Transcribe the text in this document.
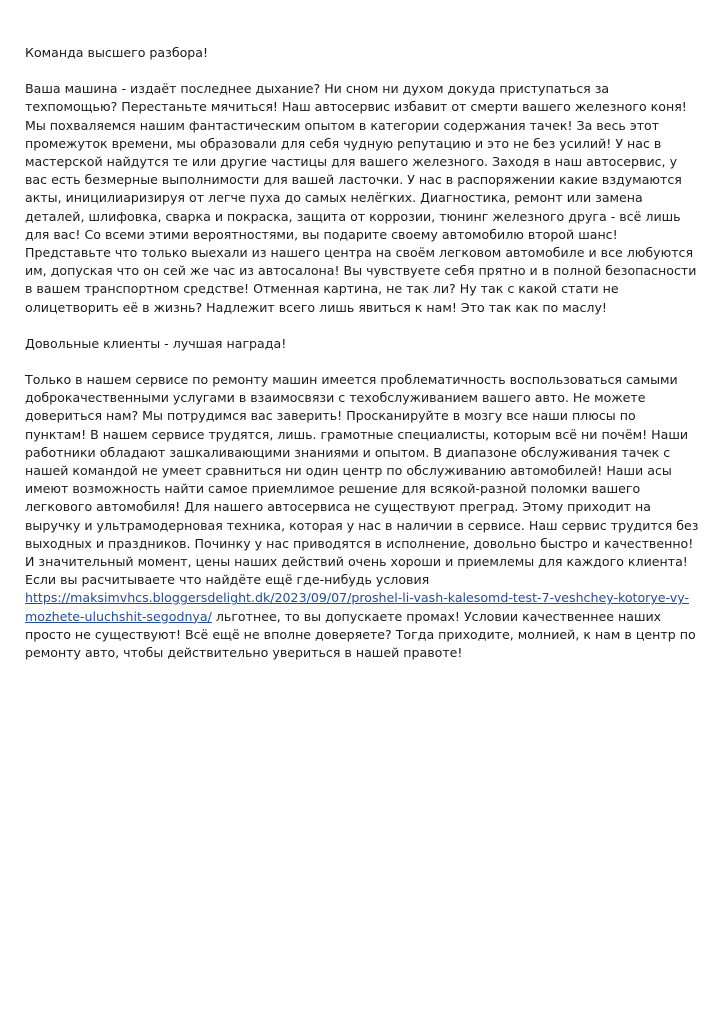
Команда высшего разбора!

Ваша машина - издаёт последнее дыхание? Ни сном ни духом докуда приступаться за техпомощью? Перестаньте мячиться! Наш автосервис избавит от смерти вашего железного коня! Мы похваляемся нашим фантастическим опытом в категории содержания тачек! За весь этот промежуток времени, мы образовали для себя чудную репутацию и это не без усилий! У нас в мастерской найдутся те или другие частицы для вашего железного. Заходя в наш автосервис, у вас есть безмерные выполнимости для вашей ласточки. У нас в распоряжении какие вздумаются акты, иницилиаризируя от легче пуха до самых нелёгких. Диагностика, ремонт или замена деталей, шлифовка, сварка и покраска, защита от коррозии, тюнинг железного друга - всё лишь для вас! Со всеми этими вероятностями, вы подарите своему автомобилю второй шанс! Представьте что только выехали из нашего центра на своём легковом автомобиле и все любуются им, допуская что он сей же час из автосалона! Вы чувствуете себя прятно и в полной безопасности в вашем транспортном средстве! Отменная картина, не так ли? Ну так с какой стати не олицетворить её в жизнь? Надлежит всего лишь явиться к нам! Это так как по маслу!

Довольные клиенты - лучшая награда!

Только в нашем сервисе по ремонту машин имеется проблематичность воспользоваться самыми доброкачественными услугами в взаимосвязи с техобслуживанием вашего авто. Не можете довериться нам? Мы потрудимся вас заверить! Просканируйте в мозгу все наши плюсы по пунктам! В нашем сервисе трудятся, лишь. грамотные специалисты, которым всё ни почём! Наши работники обладают зашкаливающими знаниями и опытом. В диапазоне обслуживания тачек с нашей командой не умеет сравниться ни один центр по обслуживанию автомобилей! Наши асы имеют возможность найти самое приемлимое решение для всякой-разной поломки вашего легкового автомобиля! Для нашего автосервиса не существуют преград. Этому приходит на выручку и ультрамодерновая техника, которая у нас в наличии в сервисе. Наш сервис трудится без выходных и праздников. Починку у нас приводятся в исполнение, довольно быстро и качественно! И значительный момент, цены наших действий очень хороши и приемлемы для каждого клиента! Если вы расчитываете что найдёте ещё где-нибудь условия https://maksimvhcs.bloggersdelight.dk/2023/09/07/proshel-li-vash-kalesomd-test-7-veshchey-kotorye-vy-mozhete-uluchshit-segodnya/ льготнее, то вы допускаете промах! Условии качественнее наших просто не существуют! Всё ещё не вполне доверяете? Тогда приходите, молнией, к нам в центр по ремонту авто, чтобы действительно увериться в нашей правоте!
